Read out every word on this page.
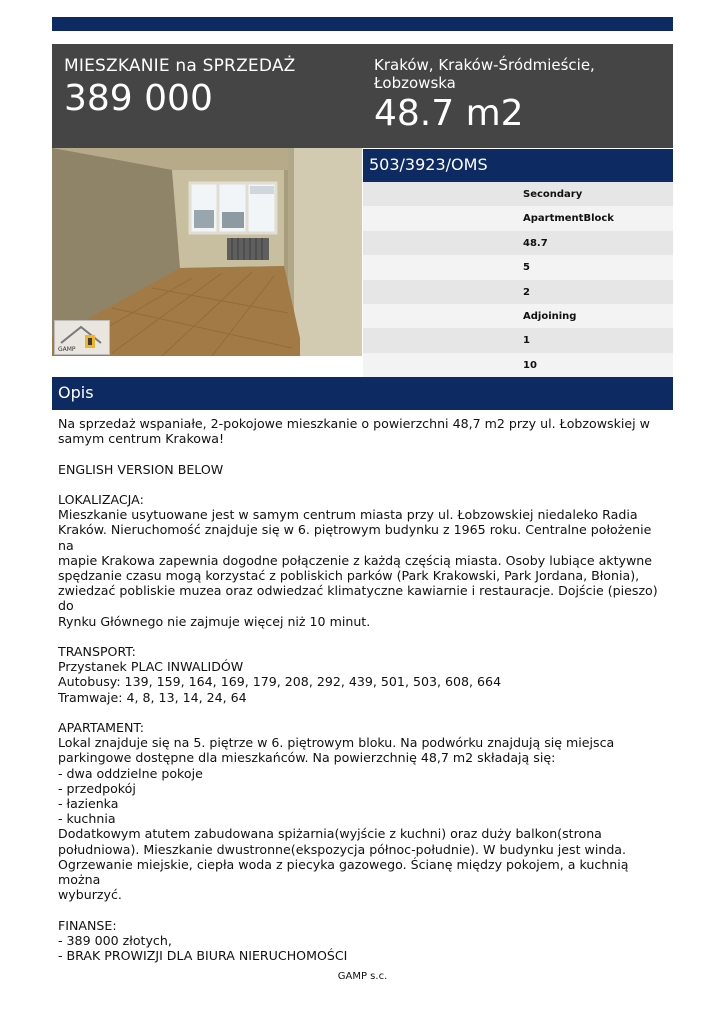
MIESZKANIE na SPRZEDAŻ
389 000
Kraków, Kraków-Śródmieście, Łobzowska
48.7 m2
GAMP
503/3923/OMS
Secondary
ApartmentBlock
48.7
5
2
Adjoining
1
10
Opis

Na sprzedaż wspaniałe, 2-pokojowe mieszkanie o powierzchni 48,7 m2 przy ul. Łobzowskiej w

samym centrum Krakowa!

ENGLISH VERSION BELOW

LOKALIZACJA:

Mieszkanie usytuowane jest w samym centrum miasta przy ul. Łobzowskiej niedaleko Radia

Kraków. Nieruchomość znajduje się w 6. piętrowym budynku z 1965 roku. Centralne położenie na

mapie Krakowa zapewnia dogodne połączenie z każdą częścią miasta. Osoby lubiące aktywne

spędzanie czasu mogą korzystać z pobliskich parków (Park Krakowski, Park Jordana, Błonia),

zwiedzać pobliskie muzea oraz odwiedzać klimatyczne kawiarnie i restauracje. Dojście (pieszo) do

Rynku Głównego nie zajmuje więcej niż 10 minut.

TRANSPORT:

Przystanek PLAC INWALIDÓW

Autobusy: 139, 159, 164, 169, 179, 208, 292, 439, 501, 503, 608, 664

Tramwaje: 4, 8, 13, 14, 24, 64

APARTAMENT:

Lokal znajduje się na 5. piętrze w 6. piętrowym bloku. Na podwórku znajdują się miejsca

parkingowe dostępne dla mieszkańców. Na powierzchnię 48,7 m2 składają się:

- dwa oddzielne pokoje

- przedpokój

- łazienka

- kuchnia

Dodatkowym atutem zabudowana spiżarnia(wyjście z kuchni) oraz duży balkon(strona

południowa). Mieszkanie dwustronne(ekspozycja północ-południe). W budynku jest winda.

Ogrzewanie miejskie, ciepła woda z piecyka gazowego. Ścianę między pokojem, a kuchnią można

wyburzyć.

FINANSE:

- 389 000 złotych,

- BRAK PROWIZJI DLA BIURA NIERUCHOMOŚCI

GAMP s.c.
